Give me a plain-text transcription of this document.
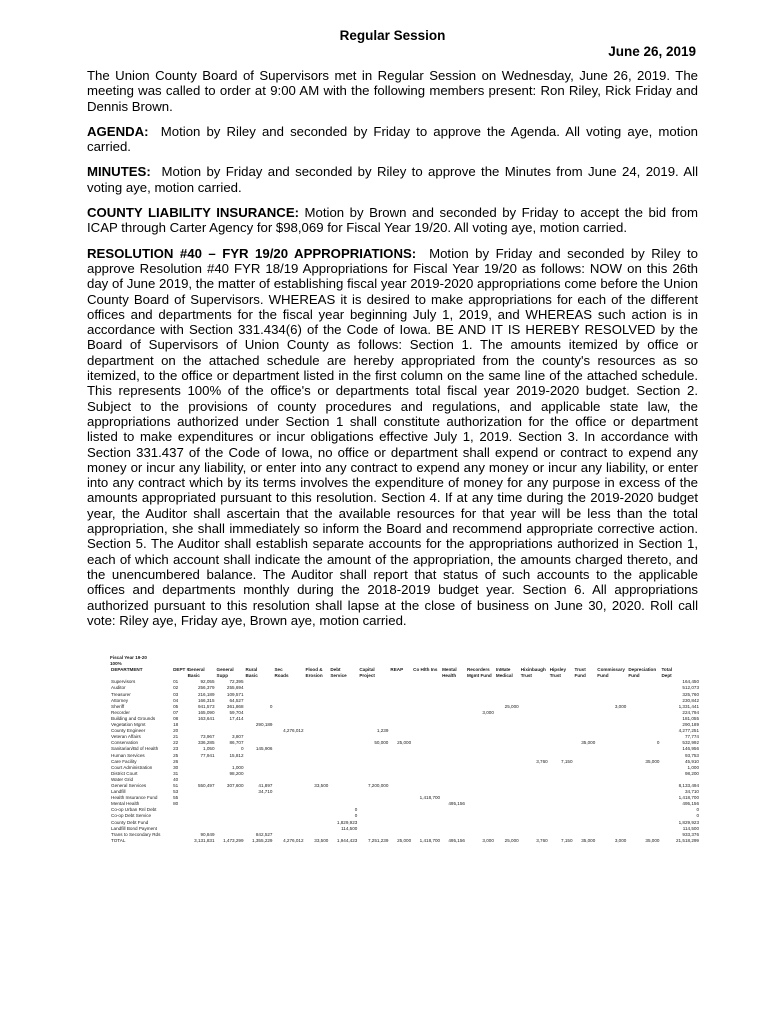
Regular Session

June 26, 2019

The Union County Board of Supervisors met in Regular Session on Wednesday, June 26, 2019. The meeting was called to order at 9:00 AM with the following members present: Ron Riley, Rick Friday and Dennis Brown.

AGENDA: Motion by Riley and seconded by Friday to approve the Agenda. All voting aye, motion carried.

MINUTES: Motion by Friday and seconded by Riley to approve the Minutes from June 24, 2019. All voting aye, motion carried.

COUNTY LIABILITY INSURANCE: Motion by Brown and seconded by Friday to accept the bid from ICAP through Carter Agency for $98,069 for Fiscal Year 19/20. All voting aye, motion carried.

RESOLUTION #40 – FYR 19/20 APPROPRIATIONS: Motion by Friday and seconded by Riley to approve Resolution #40 FYR 18/19 Appropriations for Fiscal Year 19/20 as follows: NOW on this 26th day of June 2019, the matter of establishing fiscal year 2019-2020 appropriations come before the Union County Board of Supervisors. WHEREAS it is desired to make appropriations for each of the different offices and departments for the fiscal year beginning July 1, 2019, and WHEREAS such action is in accordance with Section 331.434(6) of the Code of Iowa. BE AND IT IS HEREBY RESOLVED by the Board of Supervisors of Union County as follows: Section 1. The amounts itemized by office or department on the attached schedule are hereby appropriated from the county's resources as so itemized, to the office or department listed in the first column on the same line of the attached schedule. This represents 100% of the office's or departments total fiscal year 2019-2020 budget. Section 2. Subject to the provisions of county procedures and regulations, and applicable state law, the appropriations authorized under Section 1 shall constitute authorization for the office or department listed to make expenditures or incur obligations effective July 1, 2019. Section 3. In accordance with Section 331.437 of the Code of Iowa, no office or department shall expend or contract to expend any money or incur any liability, or enter into any contract to expend any money or incur any liability, or enter into any contract which by its terms involves the expenditure of money for any purpose in excess of the amounts appropriated pursuant to this resolution. Section 4. If at any time during the 2019-2020 budget year, the Auditor shall ascertain that the available resources for that year will be less than the total appropriation, she shall immediately so inform the Board and recommend appropriate corrective action. Section 5. The Auditor shall establish separate accounts for the appropriations authorized in Section 1, each of which account shall indicate the amount of the appropriation, the amounts charged thereto, and the unencumbered balance. The Auditor shall report that status of such accounts to the applicable offices and departments monthly during the 2018-2019 budget year. Section 6. All appropriations authorized pursuant to this resolution shall lapse at the close of business on June 30, 2020. Roll call vote: Riley aye, Friday aye, Brown aye, motion carried.

Fiscal Year 19-20
100%
DEPARTMENT	DEPT #	General	General	Rural	Sec	Flood &	Debt	Capital	REAP	Co Hlth Ins	Mental	Recorders	InMate	Hixinbaugh	Hipsley	Trust	Commissary	Depreciation	Total
		Basic	Supp	Basic	Roads	Erosion	Service	Project			Health	Mgmt Fund	Medical	Trust	Trust	Fund	Fund	Fund	Dept
Supervisors	01	92,055	72,395																164,450
Auditor	02	256,379	255,694																512,073
Treasurer	03	216,189	109,571																325,760
Attorney	04	166,315	64,527																230,842
Sheriff	05	941,573	361,868	0									25,000				3,000		1,331,441
Recorder	07	165,090	59,704									3,000							224,794
Building and Grounds	08	163,641	17,414																181,055
Vegetation Mgmt	18			290,189															290,189
County Engineer	20				4,276,012			1,239											4,277,251
Veteran Affairs	21	73,967	3,807																77,774
Conservation	22	336,285	86,707					50,000	25,000							35,000		0	532,992
Sanitarian/Bd of Health	23	1,050	0	145,906															146,956
Human Services	25	77,941	15,812																93,753
Care Facility	26													3,760	7,150			35,000	45,910
Court Administration	30		1,000																1,000
District Court	31		98,200																98,200
Water Grid	40																		
General Services	51	550,497	307,600	41,897		33,500		7,200,000											8,133,494
Landfill	53			34,710															34,710
Health Insurance Fund	55									1,418,700									1,418,700
Mental Health	80										495,156								495,156
Co-op Urban Rnl Debt							0												0
Co-op Debt Service							0												0
County Debt Fund							1,829,923												1,829,923
Landfill Bond Payment							114,500												114,500
Trans to Secondary Rds		90,849		842,527															933,376
TOTAL		3,131,831	1,473,299	1,355,229	4,276,012	33,500	1,944,423	7,251,239	25,000	1,418,700	495,156	3,000	25,000	3,760	7,150	35,000	3,000	35,000	21,518,299
